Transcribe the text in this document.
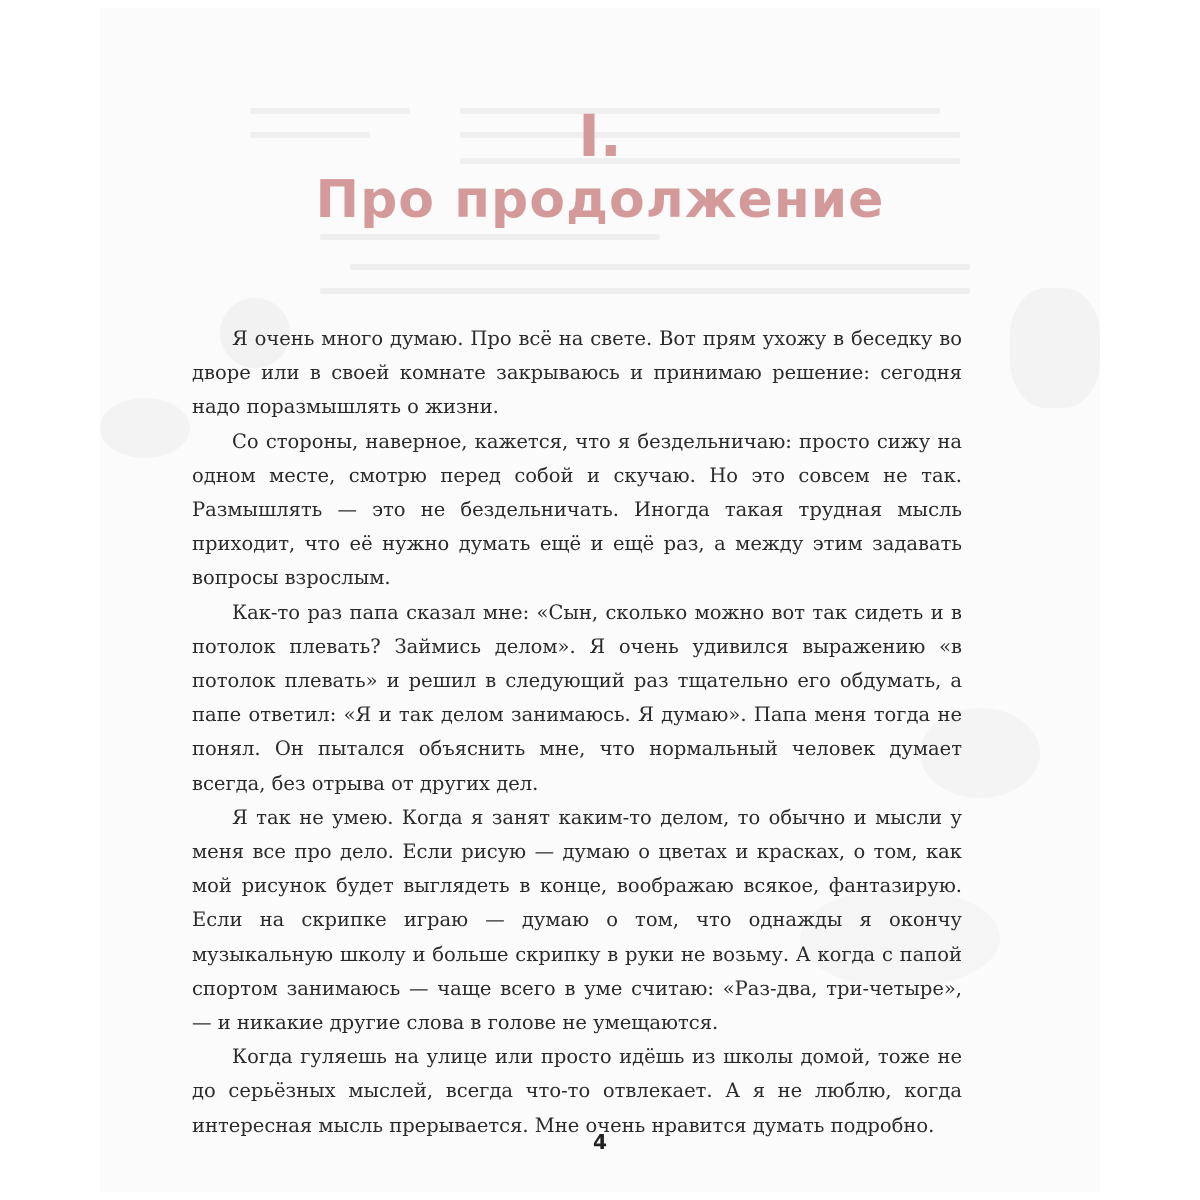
I.
Про продолжение

Я очень много думаю. Про всё на свете. Вот прям ухожу в беседку во дворе или в своей комнате закрываюсь и принимаю решение: сегодня надо поразмышлять о жизни.

Со стороны, наверное, кажется, что я бездельничаю: просто сижу на одном месте, смотрю перед собой и скучаю. Но это совсем не так. Размышлять — это не бездельничать. Иногда такая трудная мысль приходит, что её нужно думать ещё и ещё раз, а между этим задавать вопросы взрослым.

Как-то раз папа сказал мне: «Сын, сколько можно вот так сидеть и в потолок плевать? Займись делом». Я очень удивился выражению «в потолок плевать» и решил в следующий раз тщательно его обдумать, а папе ответил: «Я и так делом занимаюсь. Я думаю». Папа меня тогда не понял. Он пытался объяснить мне, что нормальный человек думает всегда, без отрыва от других дел.

Я так не умею. Когда я занят каким-то делом, то обычно и мысли у меня все про дело. Если рисую — думаю о цветах и красках, о том, как мой рисунок будет выглядеть в конце, воображаю всякое, фантазирую. Если на скрипке играю — думаю о том, что однажды я окончу музыкальную школу и больше скрипку в руки не возьму. А когда с папой спортом занимаюсь — чаще всего в уме считаю: «Раз-два, три-четыре», — и никакие другие слова в голове не умещаются.

Когда гуляешь на улице или просто идёшь из школы домой, тоже не до серьёзных мыслей, всегда что-то отвлекает. А я не люблю, когда интересная мысль прерывается. Мне очень нравится думать подробно.

4
